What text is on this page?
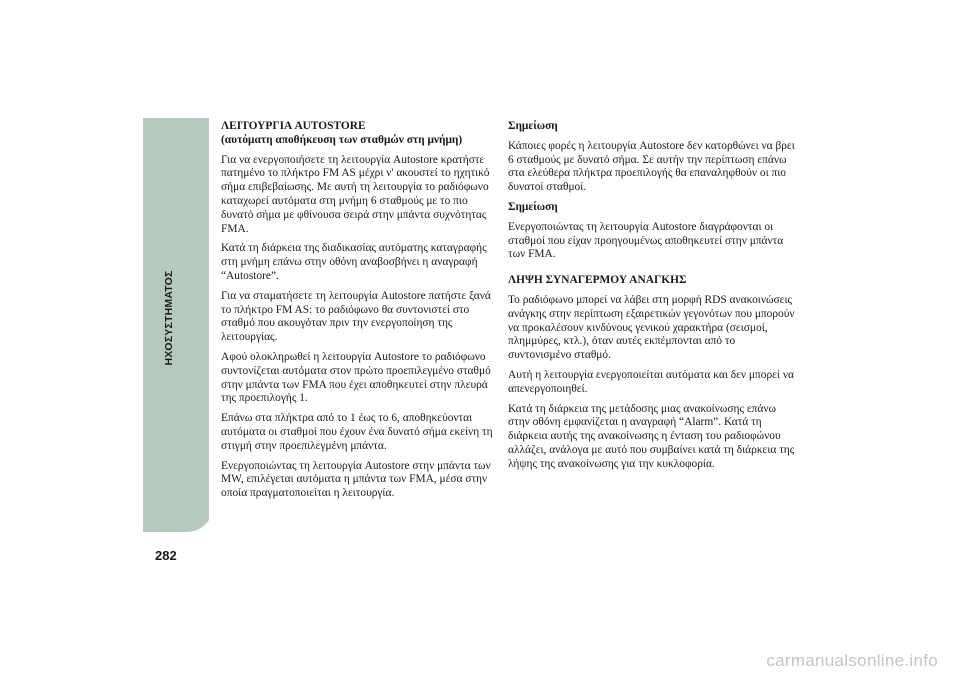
ΗΧΟΣΥΣΤΗΜΑΤΟΣ
282
ΛΕΙΤΟΥΡΓΙΑ AUTOSTORE
(αυτόματη αποθήκευση των σταθμών στη μνήμη)

Για να ενεργοποιήσετε τη λειτουργία Autostore κρατήστε πατημένο το πλήκτρο FM AS μέχρι ν' ακουστεί το ηχητικό σήμα επιβεβαίωσης. Με αυτή τη λειτουργία το ραδιόφωνο καταχωρεί αυτόματα στη μνήμη 6 σταθμούς με το πιο δυνατό σήμα με φθίνουσα σειρά στην μπάντα συχνότητας FMA.

Κατά τη διάρκεια της διαδικασίας αυτόματης καταγραφής στη μνήμη επάνω στην οθόνη αναβοσβήνει η αναγραφή “Autostore”.

Για να σταματήσετε τη λειτουργία Autostore πατήστε ξανά το πλήκτρο FM AS: το ραδιόφωνο θα συντονιστεί στο σταθμό που ακουγόταν πριν την ενεργοποίηση της λειτουργίας.

Αφού ολοκληρωθεί η λειτουργία Autostore το ραδιόφωνο συντονίζεται αυτόματα στον πρώτο προεπιλεγμένο σταθμό στην μπάντα των FMA που έχει αποθηκευτεί στην πλευρά της προεπιλογής 1.

Επάνω στα πλήκτρα από το 1 έως το 6, αποθηκεύονται αυτόματα οι σταθμοί που έχουν ένα δυνατό σήμα εκείνη τη στιγμή στην προεπιλεγμένη μπάντα.

Ενεργοποιώντας τη λειτουργία Autostore στην μπάντα των MW, επιλέγεται αυτόματα η μπάντα των FMA, μέσα στην οποία πραγματοποιείται η λειτουργία.

Σημείωση

Κάποιες φορές η λειτουργία Autostore δεν κατορθώνει να βρει 6 σταθμούς με δυνατό σήμα. Σε αυτήν την περίπτωση επάνω στα ελεύθερα πλήκτρα προεπιλογής θα επαναληφθούν οι πιο δυνατοί σταθμοί.

Σημείωση

Ενεργοποιώντας τη λειτουργία Autostore διαγράφονται οι σταθμοί που είχαν προηγουμένως αποθηκευτεί στην μπάντα των FMA.

ΛΗΨΗ ΣΥΝΑΓΕΡΜΟΥ ΑΝΑΓΚΗΣ

Το ραδιόφωνο μπορεί να λάβει στη μορφή RDS ανακοινώσεις ανάγκης στην περίπτωση εξαιρετικών γεγονότων που μπορούν να προκαλέσουν κινδύνους γενικού χαρακτήρα (σεισμοί, πλημμύρες, κτλ.), όταν αυτές εκπέμπονται από το συντονισμένο σταθμό.

Αυτή η λειτουργία ενεργοποιείται αυτόματα και δεν μπορεί να απενεργοποιηθεί.

Κατά τη διάρκεια της μετάδοσης μιας ανακοίνωσης επάνω στην οθόνη εμφανίζεται η αναγραφή “Alarm”. Κατά τη διάρκεια αυτής της ανακοίνωσης η ένταση του ραδιοφώνου αλλάζει, ανάλογα με αυτό που συμβαίνει κατά τη διάρκεια της λήψης της ανακοίνωσης για την κυκλοφορία.

carmanualsonline.info
